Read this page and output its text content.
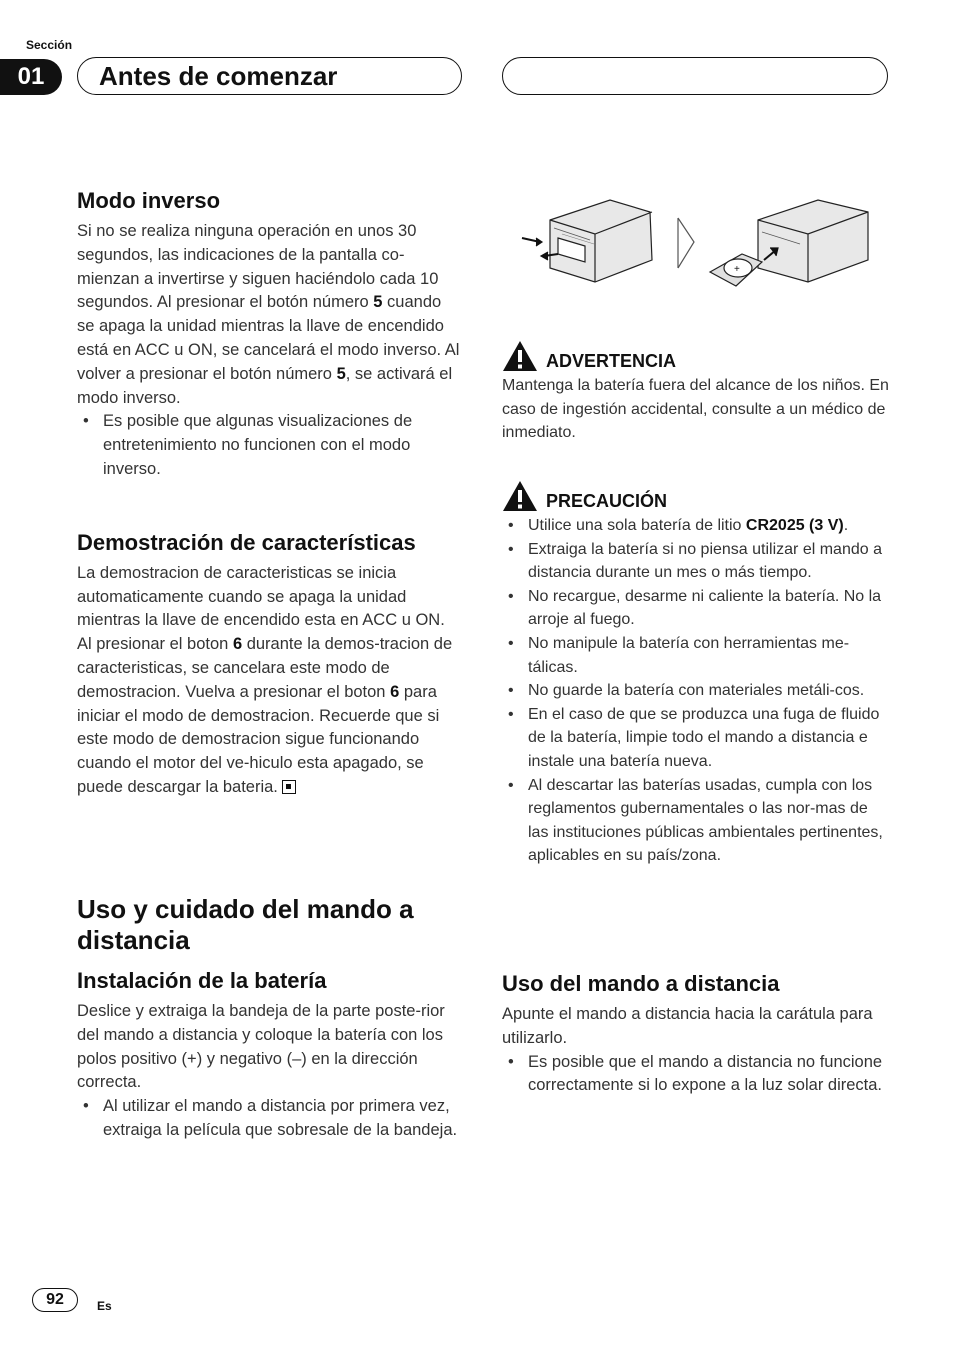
Sección
01	Antes de comenzar
Modo inverso

Si no se realiza ninguna operación en unos 30 segundos, las indicaciones de la pantalla co- mienzan a invertirse y siguen haciéndolo cada 10 segundos. Al presionar el botón número 5 cuando se apaga la unidad mientras la llave de encendido está en ACC u ON, se cancelará el modo inverso. Al volver a presionar el botón número 5, se activará el modo inverso.

• Es posible que algunas visualizaciones de entretenimiento no funcionen con el modo inverso.
Demostración de características

La demostracion de caracteristicas se inicia automaticamente cuando se apaga la unidad mientras la llave de encendido esta en ACC u ON. Al presionar el boton 6 durante la demos-tracion de caracteristicas, se cancelara este modo de demostracion. Vuelva a presionar el boton 6 para iniciar el modo de demostracion. Recuerde que si este modo de demostracion sigue funcionando cuando el motor del ve-hiculo esta apagado, se puede descargar la bateria.

Uso y cuidado del mando a distancia
Instalación de la batería

Deslice y extraiga la bandeja de la parte poste-rior del mando a distancia y coloque la batería con los polos positivo (+) y negativo (–) en la dirección correcta.

• Al utilizar el mando a distancia por primera vez, extraiga la película que sobresale de la bandeja.
+
ADVERTENCIA

Mantenga la batería fuera del alcance de los niños. En caso de ingestión accidental, consulte a un médico de inmediato.

PRECAUCIÓN
• Utilice una sola batería de litio CR2025 (3 V).
• Extraiga la batería si no piensa utilizar el mando a distancia durante un mes o más tiempo.
• No recargue, desarme ni caliente la batería. No la arroje al fuego.
• No manipule la batería con herramientas me-tálicas.
• No guarde la batería con materiales metáli-cos.
• En el caso de que se produzca una fuga de fluido de la batería, limpie todo el mando a distancia e instale una batería nueva.
• Al descartar las baterías usadas, cumpla con los reglamentos gubernamentales o las nor-mas de las instituciones públicas ambientales pertinentes, aplicables en su país/zona.
Uso del mando a distancia

Apunte el mando a distancia hacia la carátula para utilizarlo.

• Es posible que el mando a distancia no funcione correctamente si lo expone a la luz solar directa.
92	Es
